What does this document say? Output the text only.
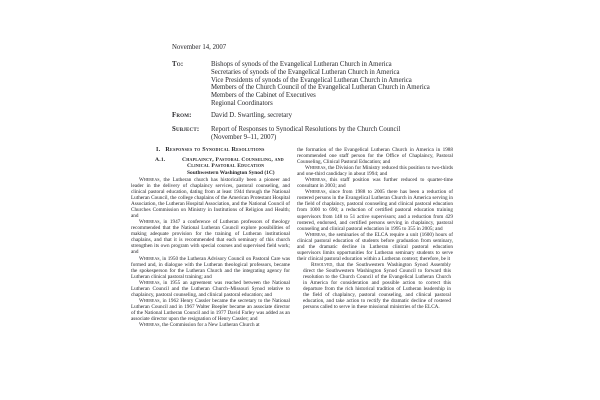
November 14, 2007
To:	Bishops of synods of the Evangelical Lutheran Church in America
Secretaries of synods of the Evangelical Lutheran Church in America
Vice Presidents of synods of the Evangelical Lutheran Church in America
Members of the Church Council of the Evangelical Lutheran Church in America
Members of the Cabinet of Executives
Regional Coordinators
From:	David D. Swartling, secretary
Subject:	Report of Responses to Synodical Resolutions by the Church Council
(November 9–11, 2007)
I. Responses to Synodical Resolutions
A.1.	Chaplaincy, Pastoral Counseling, and Clinical Pastoral Education
Southwestern Washington Synod (1C)

Whereas, the Lutheran church has historically been a pioneer and leader in the delivery of chaplaincy services, pastoral counseling, and clinical pastoral education, dating from at least 1944 through the National Lutheran Council, the college chaplains of the American Protestant Hospital Association, the Lutheran Hospital Association, and the National Council of Churches Commission on Ministry in Institutions of Religion and Health; and

Whereas, in 1947 a conference of Lutheran professors of theology recommended that the National Lutheran Council explore possibilities of making adequate provision for the training of Lutheran institutional chaplains, and that it is recommended that each seminary of this church strengthen its own program with special courses and supervised field work; and

Whereas, in 1950 the Lutheran Advisory Council on Pastoral Care was formed and, in dialogue with the Lutheran theological professors, became the spokesperson for the Lutheran Church and the integrating agency for Lutheran clinical pastoral training; and

Whereas, in 1955 an agreement was reached between the National Lutheran Council and the Lutheran Church–Missouri Synod relative to chaplaincy, pastoral counseling, and clinical pastoral education; and

Whereas, in 1962 Henry Cassler became the secretary to the National Lutheran Council and in 1967 Walter Boepler became an associate director of the National Lutheran Council and in 1977 David Farley was added as an associate director upon the resignation of Henry Cassler; and

Whereas, the Commission for a New Lutheran Church at

the formation of the Evangelical Lutheran Church in America in 1988 recommended one staff person for the Office of Chaplaincy, Pastoral Counseling, Clinical Pastoral Education; and

Whereas, the Division for Ministry reduced this position to two-thirds and one-third candidacy in about 1994; and

Whereas, this staff position was further reduced to quarter-time consultant in 2003; and

Whereas, since from 1988 to 2005 there has been a reduction of rostered persons in the Evangelical Lutheran Church in America serving in the field of chaplaincy, pastoral counseling and clinical pastoral education from 1000 to 690; a reduction of certified pastoral education training supervisors from 148 to 51 active supervisors; and a reduction from 429 rostered, endorsed, and certified persons serving in chaplaincy, pastoral counseling and clinical pastoral education in 1995 to 355 in 2005; and

Whereas, the seminaries of the ELCA require a unit (1600) hours of clinical pastoral education of students before graduation from seminary, and the dramatic decline in Lutheran clinical pastoral education supervisors limits opportunities for Lutheran seminary students to serve their clinical pastoral education within a Lutheran context; therefore, be it

Resolved, that the Southwestern Washington Synod Assembly direct the Southwestern Washington Synod Council to forward this resolution to the Church Council of the Evangelical Lutheran Church in America for consideration and possible action to correct this departure from the rich historical tradition of Lutheran leadership in the field of chaplaincy, pastoral counseling, and clinical pastoral education, and take action to rectify the dramatic decline of rostered persons called to serve in these missional ministries of the ELCA.
